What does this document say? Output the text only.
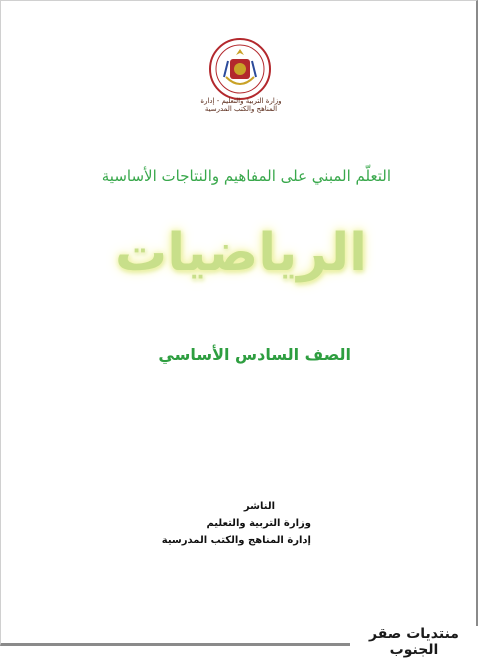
وزارة التربية والتعليم - إدارة المناهج والكتب المدرسية
التعلّم المبني على المفاهيم والنتاجات الأساسية
الرياضيات
الصف السادس الأساسي
الناشر
وزارة التربية والتعليم
إدارة المناهج والكتب المدرسية
منتديات صقر الجنوب
